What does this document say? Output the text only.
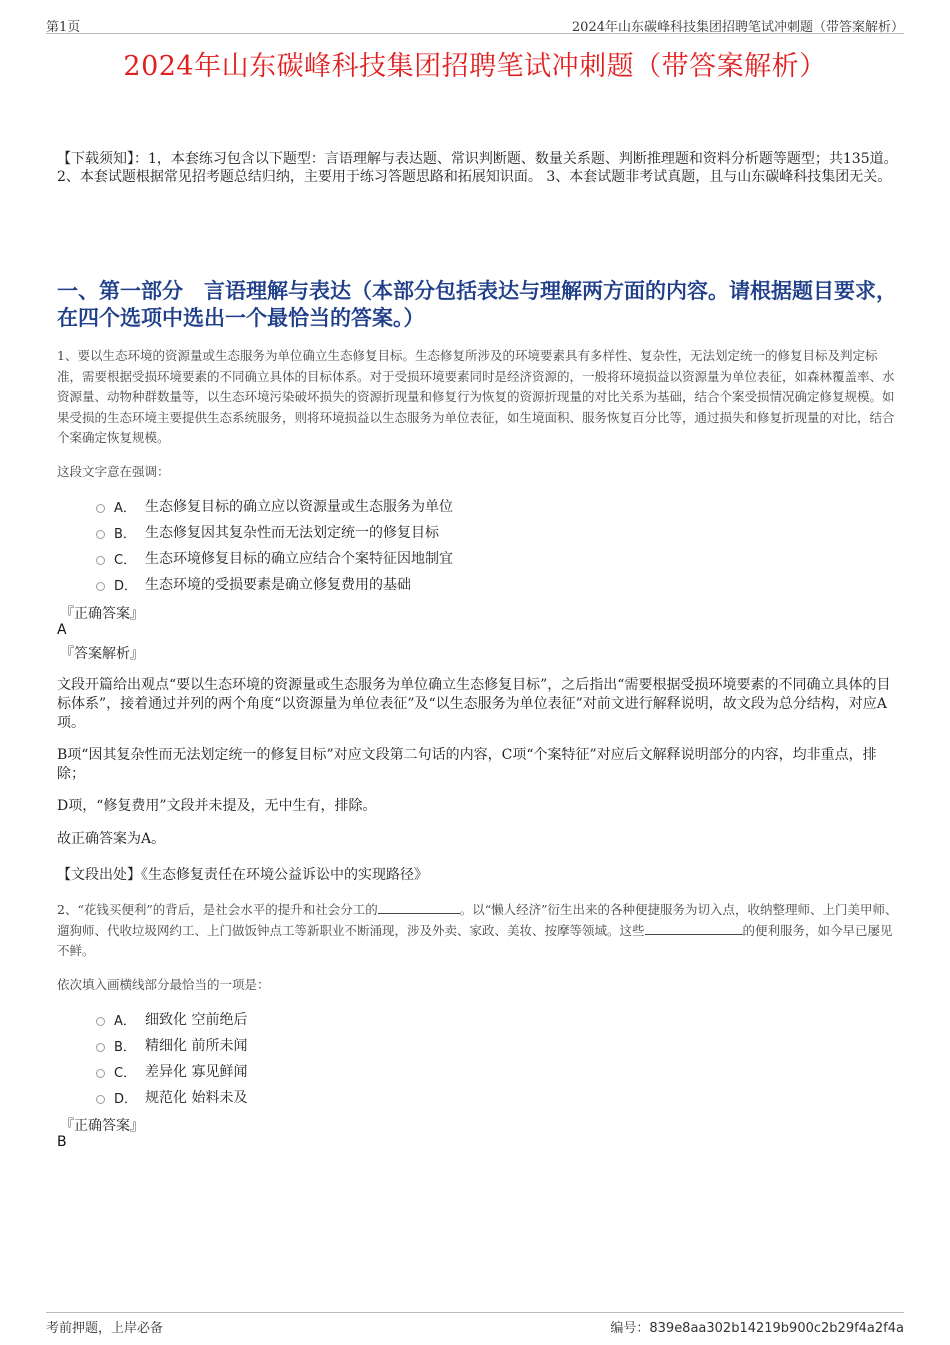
第1页	2024年山东碳峰科技集团招聘笔试冲刺题（带答案解析）
2024年山东碳峰科技集团招聘笔试冲刺题（带答案解析）

【下载须知】：1，本套练习包含以下题型：言语理解与表达题、常识判断题、数量关系题、判断推理题和资料分析题等题型；共135道。 2、本套试题根据常见招考题总结归纳，主要用于练习答题思路和拓展知识面。 3、本套试题非考试真题，且与山东碳峰科技集团无关。

一、第一部分　言语理解与表达（本部分包括表达与理解两方面的内容。请根据题目要求，在四个选项中选出一个最恰当的答案。）

1、要以生态环境的资源量或生态服务为单位确立生态修复目标。生态修复所涉及的环境要素具有多样性、复杂性，无法划定统一的修复目标及判定标准，需要根据受损环境要素的不同确立具体的目标体系。对于受损环境要素同时是经济资源的，一般将环境损益以资源量为单位表征，如森林覆盖率、水资源量、动物种群数量等，以生态环境污染破坏损失的资源折现量和修复行为恢复的资源折现量的对比关系为基础，结合个案受损情况确定修复规模。如果受损的生态环境主要提供生态系统服务，则将环境损益以生态服务为单位表征，如生境面积、服务恢复百分比等，通过损失和修复折现量的对比，结合个案确定恢复规模。

这段文字意在强调：

A． 生态修复目标的确立应以资源量或生态服务为单位
B． 生态修复因其复杂性而无法划定统一的修复目标
C． 生态环境修复目标的确立应结合个案特征因地制宜
D． 生态环境的受损要素是确立修复费用的基础
『正确答案』
A
『答案解析』

文段开篇给出观点“要以生态环境的资源量或生态服务为单位确立生态修复目标”，之后指出“需要根据受损环境要素的不同确立具体的目标体系”，接着通过并列的两个角度“以资源量为单位表征”及“以生态服务为单位表征”对前文进行解释说明，故文段为总分结构，对应A项。

B项“因其复杂性而无法划定统一的修复目标”对应文段第二句话的内容，C项“个案特征”对应后文解释说明部分的内容，均非重点，排除；

D项，“修复费用”文段并未提及，无中生有，排除。

故正确答案为A。

【文段出处】《生态修复责任在环境公益诉讼中的实现路径》

2、“花钱买便利”的背后，是社会水平的提升和社会分工的	。以“懒人经济”衍生出来的各种便捷服务为切入点，收纳整理师、上门美甲师、遛狗师、代收垃圾网约工、上门做饭钟点工等新职业不断涌现，涉及外卖、家政、美妆、按摩等领域。这些	的便利服务，如今早已屡见不鲜。

依次填入画横线部分最恰当的一项是：

A． 细致化 空前绝后
B． 精细化 前所未闻
C． 差异化 寡见鲜闻
D． 规范化 始料未及
『正确答案』
B
考前押题，上岸必备	编号：839e8aa302b14219b900c2b29f4a2f4a
